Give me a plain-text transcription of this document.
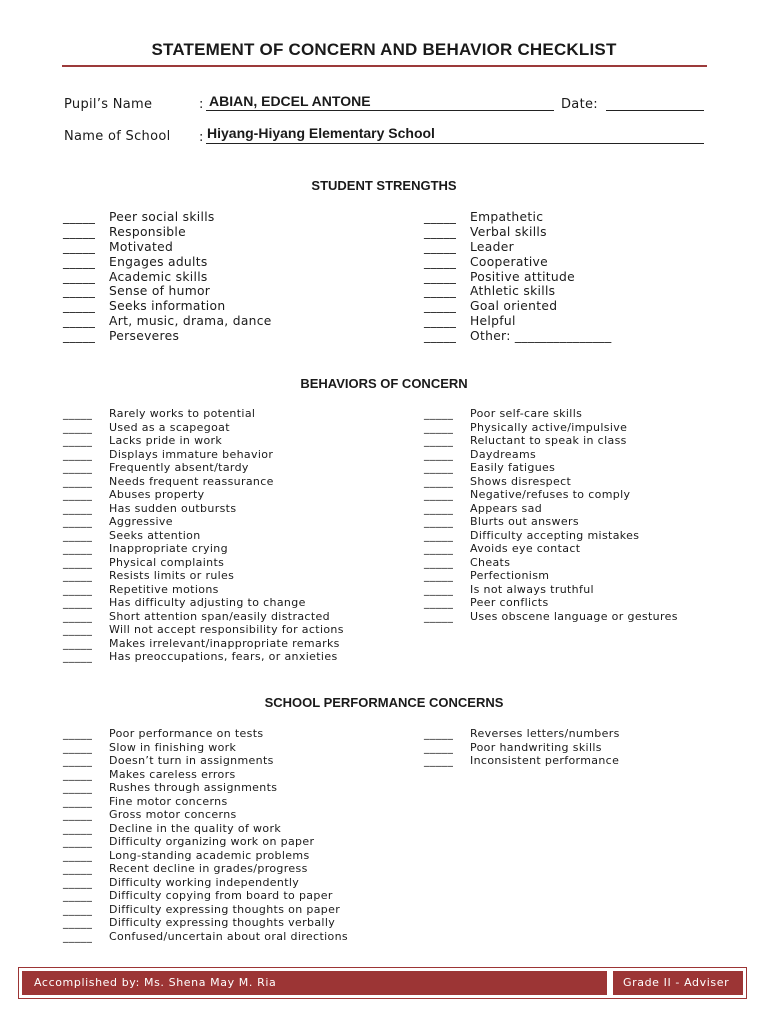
STATEMENT OF CONCERN AND BEHAVIOR CHECKLIST
Pupil’s Name	: ABIAN, EDCEL ANTONE	Date:
Name of School : Hiyang-Hiyang Elementary School
STUDENT STRENGTHS
_____ Peer social skills
_____ Responsible
_____ Motivated
_____ Engages adults
_____ Academic skills
_____ Sense of humor
_____ Seeks information
_____ Art, music, drama, dance
_____ Perseveres
_____ Empathetic
_____ Verbal skills
_____ Leader
_____ Cooperative
_____ Positive attitude
_____ Athletic skills
_____ Goal oriented
_____ Helpful
_____ Other: _______________
BEHAVIORS OF CONCERN
_____ Rarely works to potential
_____ Used as a scapegoat
_____ Lacks pride in work
_____ Displays immature behavior
_____ Frequently absent/tardy
_____ Needs frequent reassurance
_____ Abuses property
_____ Has sudden outbursts
_____ Aggressive
_____ Seeks attention
_____ Inappropriate crying
_____ Physical complaints
_____ Resists limits or rules
_____ Repetitive motions
_____ Has difficulty adjusting to change
_____ Short attention span/easily distracted
_____ Will not accept responsibility for actions
_____ Makes irrelevant/inappropriate remarks
_____ Has preoccupations, fears, or anxieties
_____ Poor self-care skills
_____ Physically active/impulsive
_____ Reluctant to speak in class
_____ Daydreams
_____ Easily fatigues
_____ Shows disrespect
_____ Negative/refuses to comply
_____ Appears sad
_____ Blurts out answers
_____ Difficulty accepting mistakes
_____ Avoids eye contact
_____ Cheats
_____ Perfectionism
_____ Is not always truthful
_____ Peer conflicts
_____ Uses obscene language or gestures
SCHOOL PERFORMANCE CONCERNS
_____ Poor performance on tests
_____ Slow in finishing work
_____ Doesn’t turn in assignments
_____ Makes careless errors
_____ Rushes through assignments
_____ Fine motor concerns
_____ Gross motor concerns
_____ Decline in the quality of work
_____ Difficulty organizing work on paper
_____ Long-standing academic problems
_____ Recent decline in grades/progress
_____ Difficulty working independently
_____ Difficulty copying from board to paper
_____ Difficulty expressing thoughts on paper
_____ Difficulty expressing thoughts verbally
_____ Confused/uncertain about oral directions
_____ Reverses letters/numbers
_____ Poor handwriting skills
_____ Inconsistent performance
Accomplished by: Ms. Shena May M. Ria	Grade II - Adviser
